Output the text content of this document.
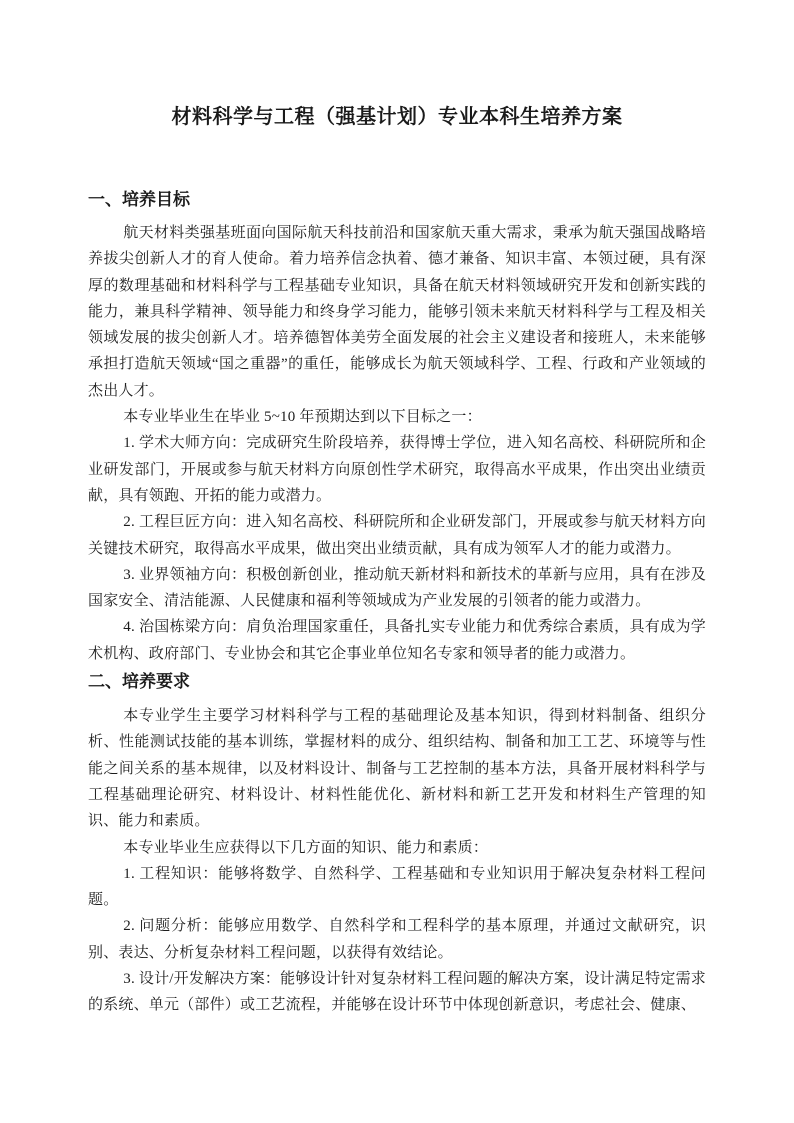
材料科学与工程（强基计划）专业本科生培养方案
一、培养目标

航天材料类强基班面向国际航天科技前沿和国家航天重大需求，秉承为航天强国战略培养拔尖创新人才的育人使命。着力培养信念执着、德才兼备、知识丰富、本领过硬，具有深厚的数理基础和材料科学与工程基础专业知识，具备在航天材料领域研究开发和创新实践的能力，兼具科学精神、领导能力和终身学习能力，能够引领未来航天材料科学与工程及相关领域发展的拔尖创新人才。培养德智体美劳全面发展的社会主义建设者和接班人，未来能够承担打造航天领域“国之重器”的重任，能够成长为航天领域科学、工程、行政和产业领域的杰出人才。

本专业毕业生在毕业 5~10 年预期达到以下目标之一：

1. 学术大师方向：完成研究生阶段培养，获得博士学位，进入知名高校、科研院所和企业研发部门，开展或参与航天材料方向原创性学术研究，取得高水平成果，作出突出业绩贡献，具有领跑、开拓的能力或潜力。

2. 工程巨匠方向：进入知名高校、科研院所和企业研发部门，开展或参与航天材料方向关键技术研究，取得高水平成果，做出突出业绩贡献，具有成为领军人才的能力或潜力。

3. 业界领袖方向：积极创新创业，推动航天新材料和新技术的革新与应用，具有在涉及国家安全、清洁能源、人民健康和福利等领域成为产业发展的引领者的能力或潜力。

4. 治国栋梁方向：肩负治理国家重任，具备扎实专业能力和优秀综合素质，具有成为学术机构、政府部门、专业协会和其它企事业单位知名专家和领导者的能力或潜力。

二、培养要求

本专业学生主要学习材料科学与工程的基础理论及基本知识，得到材料制备、组织分析、性能测试技能的基本训练，掌握材料的成分、组织结构、制备和加工工艺、环境等与性能之间关系的基本规律，以及材料设计、制备与工艺控制的基本方法，具备开展材料科学与工程基础理论研究、材料设计、材料性能优化、新材料和新工艺开发和材料生产管理的知识、能力和素质。

本专业毕业生应获得以下几方面的知识、能力和素质：

1. 工程知识：能够将数学、自然科学、工程基础和专业知识用于解决复杂材料工程问题。

2. 问题分析：能够应用数学、自然科学和工程科学的基本原理，并通过文献研究，识别、表达、分析复杂材料工程问题，以获得有效结论。

3. 设计/开发解决方案：能够设计针对复杂材料工程问题的解决方案，设计满足特定需求的系统、单元（部件）或工艺流程，并能够在设计环节中体现创新意识，考虑社会、健康、
